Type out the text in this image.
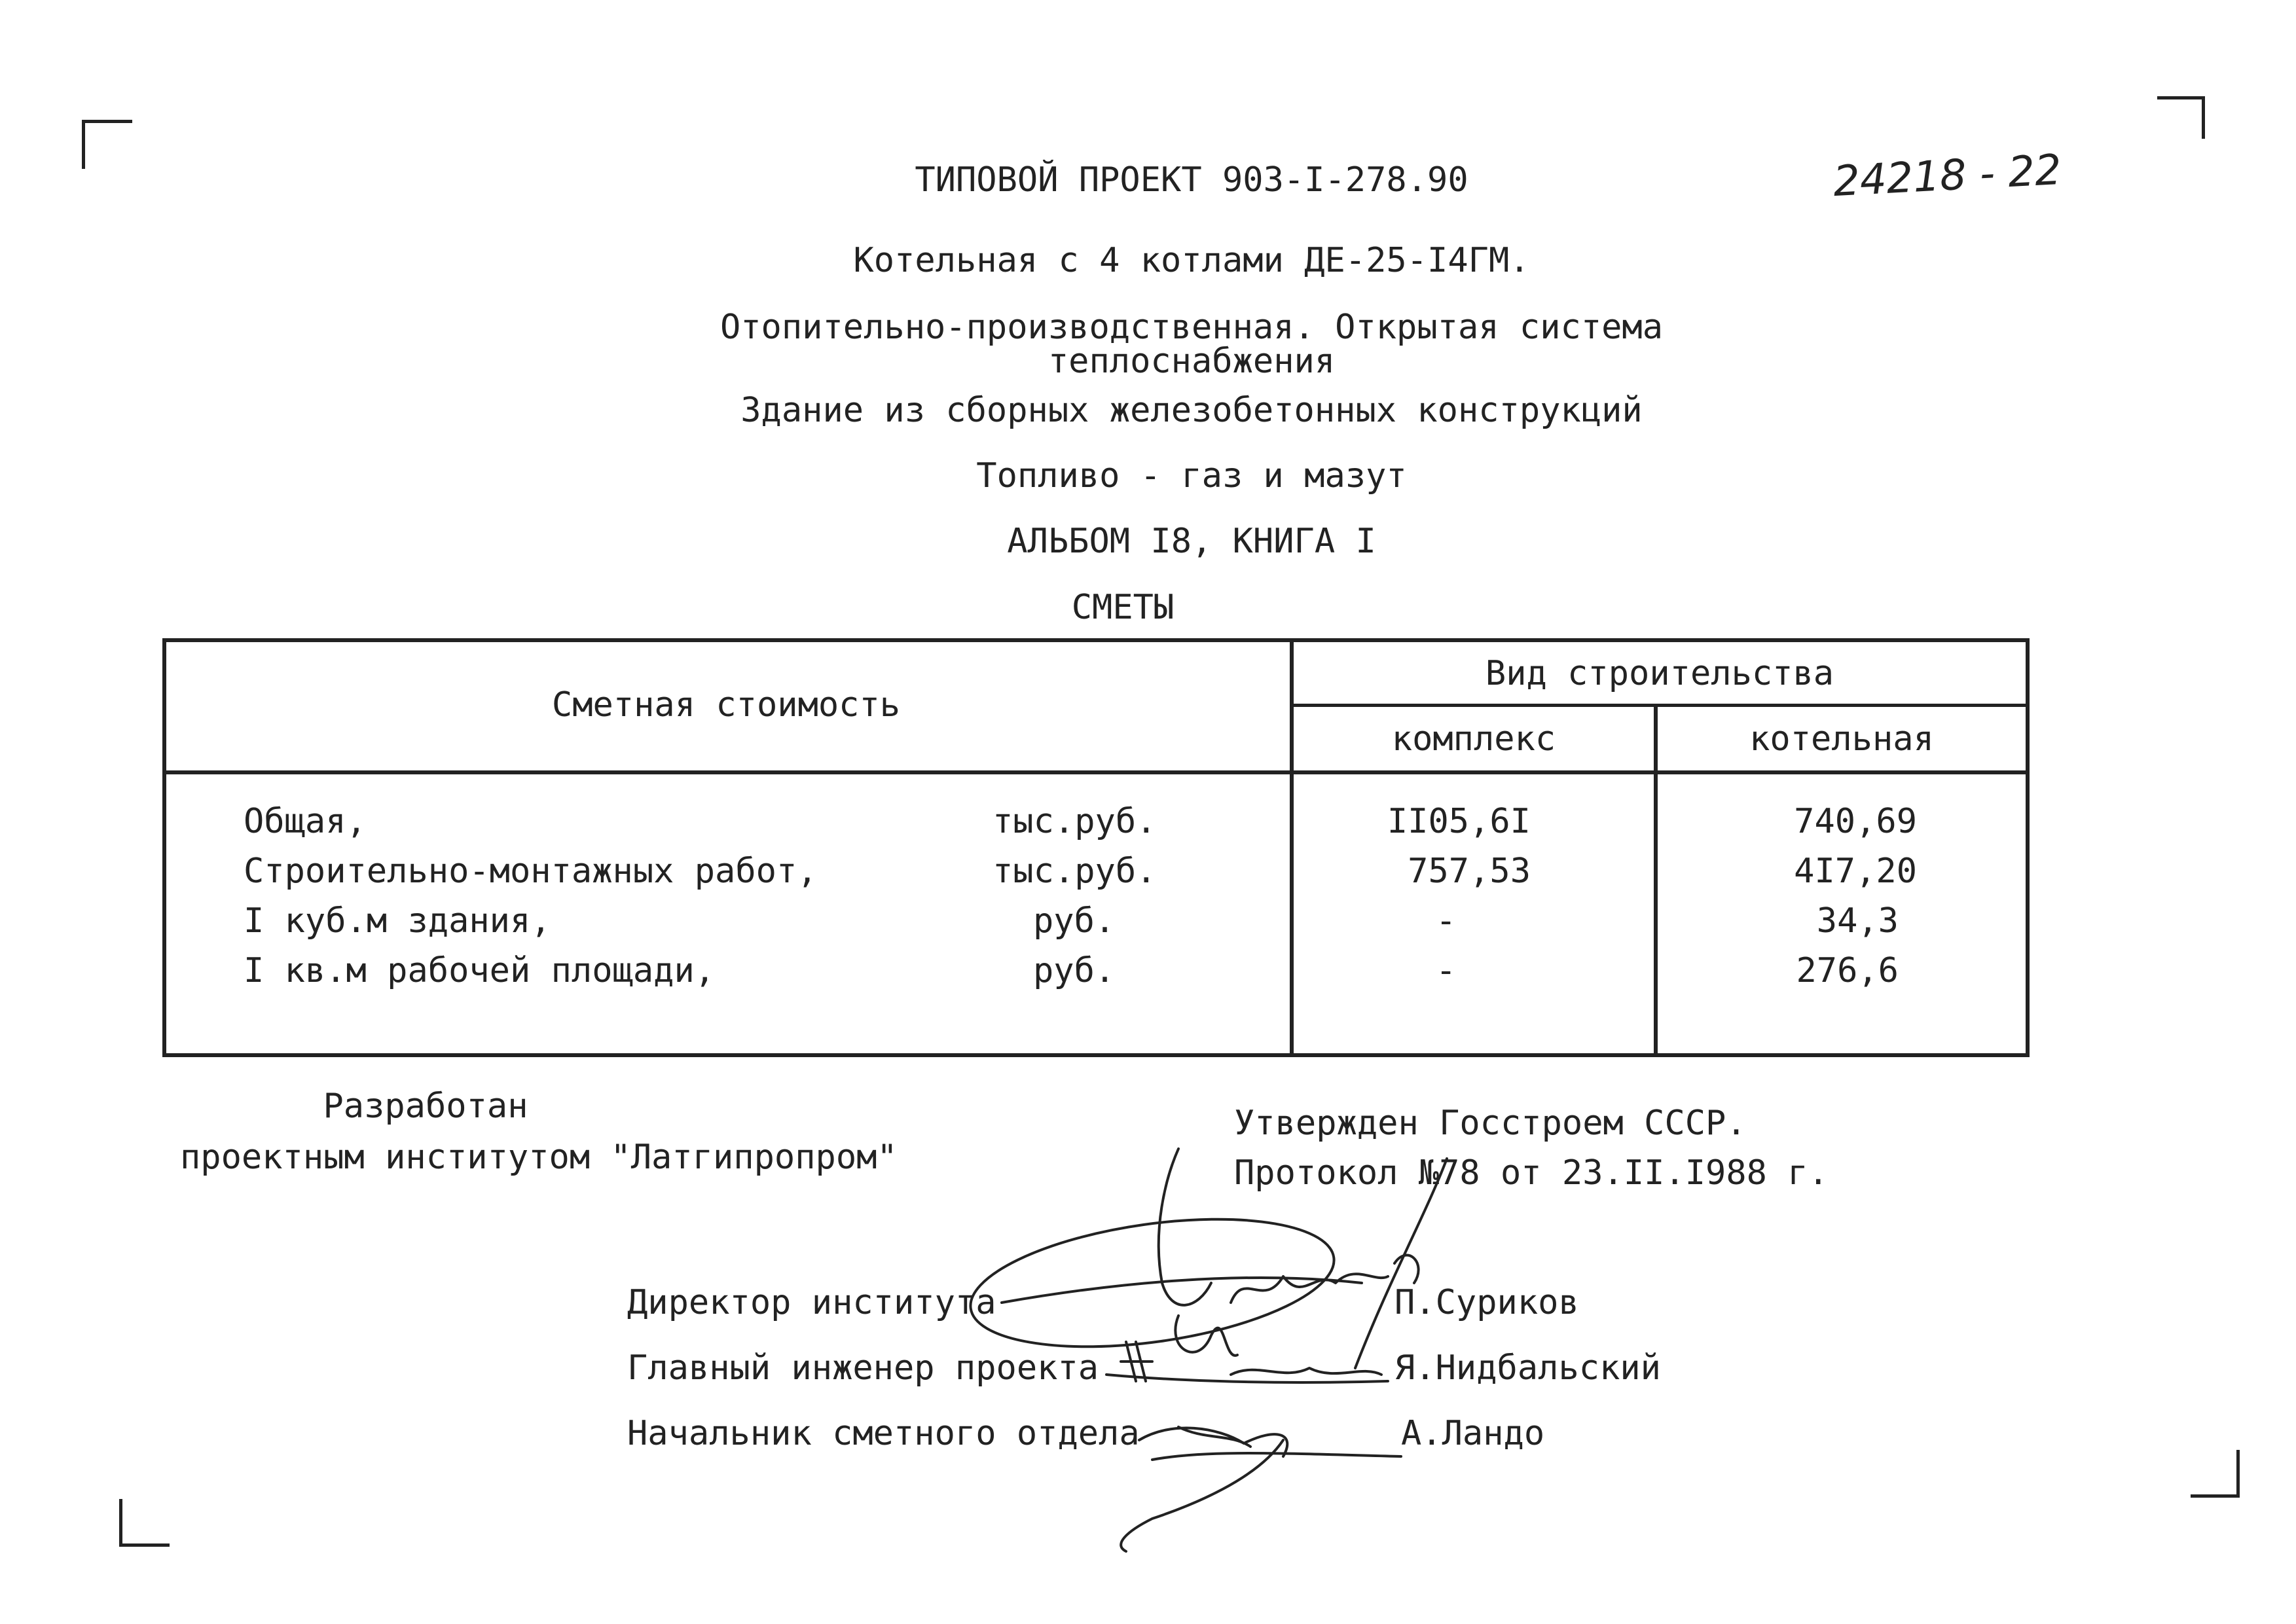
24218 - 22
ТИПОВОЙ ПРОЕКТ 903-I-278.90
Котельная с 4 котлами ДЕ-25-I4ГМ.
Отопительно-производственная. Открытая система
теплоснабжения
Здание из сборных железобетонных конструкций
Топливо - газ и мазут
АЛЬБОМ I8, КНИГА I
СМЕТЫ
Сметная стоимость
Вид строительства
комплекс	котельная
Общая,	тыс.руб.	II05,6I	740,69
Строительно-монтажных работ,	тыс.руб.	757,53	4I7,20
I куб.м здания,	руб.	-	34,3
I кв.м рабочей площади,	руб.	-	276,6
Разработан
проектным институтом "Латгипропром"
Утвержден Госстроем СССР.
Протокол №78 от 23.II.I988 г.
Директор института	П.Суриков
Главный инженер проекта	Я.Нидбальский
Начальник сметного отдела	А.Ландо
